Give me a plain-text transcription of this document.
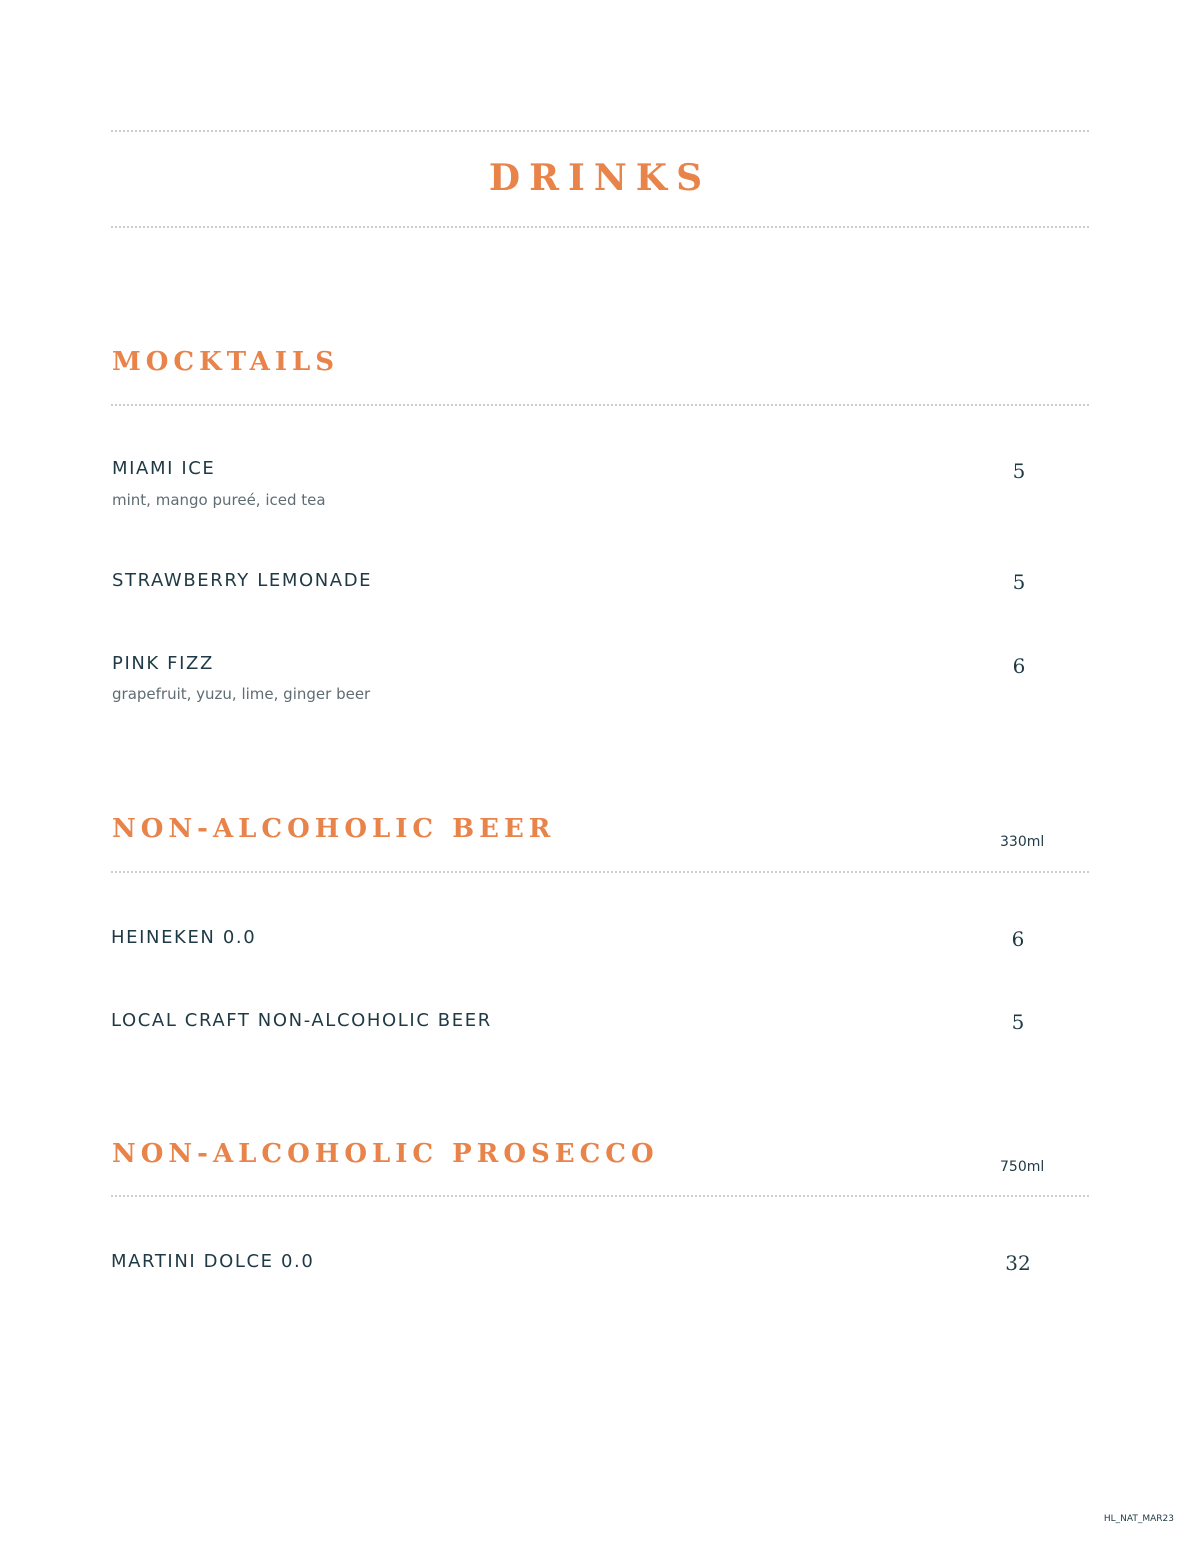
DRINKS
MOCKTAILS
MIAMI ICE
mint, mango pureé, iced tea
5
STRAWBERRY LEMONADE	5
PINK FIZZ
grapefruit, yuzu, lime, ginger beer
6
NON-ALCOHOLIC BEER	330ml
HEINEKEN 0.0	6
LOCAL CRAFT NON-ALCOHOLIC BEER	5
NON-ALCOHOLIC PROSECCO	750ml
MARTINI DOLCE 0.0	32
HL_NAT_MAR23
